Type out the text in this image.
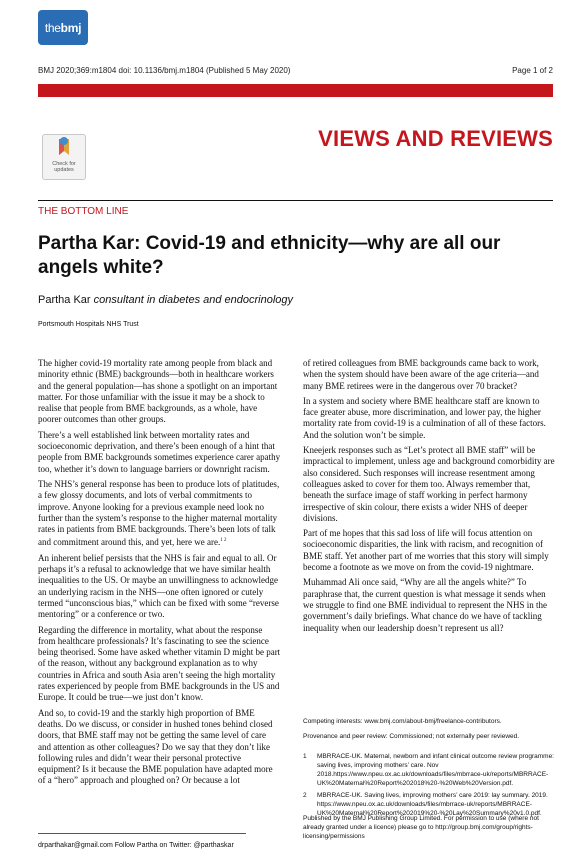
the bmj
BMJ 2020;369:m1804 doi: 10.1136/bmj.m1804 (Published 5 May 2020)	Page 1 of 2
Check for
updates
VIEWS AND REVIEWS
THE BOTTOM LINE
Partha Kar: Covid-19 and ethnicity—why are all our angels white?
Partha Kar consultant in diabetes and endocrinology
Portsmouth Hospitals NHS Trust

The higher covid-19 mortality rate among people from black and minority ethnic (BME) backgrounds—both in healthcare workers and the general population—has shone a spotlight on an important matter. For those unfamiliar with the issue it may be a shock to realise that people from BME backgrounds, as a whole, have poorer outcomes than other groups.

There’s a well established link between mortality rates and socioeconomic deprivation, and there’s been enough of a hint that people from BME backgrounds sometimes experience carer apathy too, whether it’s down to language barriers or downright racism.

The NHS’s general response has been to produce lots of platitudes, a few glossy documents, and lots of verbal commitments to improve. Anyone looking for a previous example need look no further than the system’s response to the higher maternal mortality rates in patients from BME backgrounds. There’s been lots of talk and commitment around this, and yet, here we are.$^{1 2}$

An inherent belief persists that the NHS is fair and equal to all. Or perhaps it’s a refusal to acknowledge that we have similar health inequalities to the US. Or maybe an unwillingness to acknowledge an underlying racism in the NHS—one often ignored or cutely termed “unconscious bias,” which can be fixed with some “reverse mentoring” or a conference or two.

Regarding the difference in mortality, what about the response from healthcare professionals? It’s fascinating to see the science being theorised. Some have asked whether vitamin D might be part of the reason, without any background explanation as to why countries in Africa and south Asia aren’t seeing the high mortality rates experienced by people from BME backgrounds in the US and Europe. It could be true—we just don’t know.

And so, to covid-19 and the starkly high proportion of BME deaths. Do we discuss, or consider in hushed tones behind closed doors, that BME staff may not be getting the same level of care and attention as other colleagues? Do we say that they don’t like following rules and didn’t wear their personal protective equipment? Is it because the BME population have adapted more of a “hero” approach and ploughed on? Or because a lot

of retired colleagues from BME backgrounds came back to work, when the system should have been aware of the age criteria—and many BME retirees were in the dangerous over 70 bracket?

In a system and society where BME healthcare staff are known to face greater abuse, more discrimination, and lower pay, the higher mortality rate from covid-19 is a culmination of all of these factors. And the solution won’t be simple.

Kneejerk responses such as “Let’s protect all BME staff” will be impractical to implement, unless age and background comorbidity are also considered. Such responses will increase resentment among colleagues asked to cover for them too. Always remember that, beneath the surface image of staff working in perfect harmony irrespective of skin colour, there exists a wider NHS of deeper divisions.

Part of me hopes that this sad loss of life will focus attention on socioeconomic disparities, the link with racism, and recognition of BME staff. Yet another part of me worries that this story will simply become a footnote as we move on from the covid-19 nightmare.

Muhammad Ali once said, “Why are all the angels white?” To paraphrase that, the current question is what message it sends when we struggle to find one BME individual to represent the NHS in the government’s daily briefings. What chance do we have of tackling inequality when our leadership doesn’t represent us all?

Competing interests: www.bmj.com/about-bmj/freelance-contributors.
Provenance and peer review: Commissioned; not externally peer reviewed.
1	MBRRACE-UK. Maternal, newborn and infant clinical outcome review programme: saving lives, improving mothers’ care. Nov 2018.https://www.npeu.ox.ac.uk/downloads/files/mbrrace-uk/reports/MBRRACE-UK%20Maternal%20Report%202018%20-%20Web%20Version.pdf.
2	MBRRACE-UK. Saving lives, improving mothers’ care 2019: lay summary. 2019. https://www.npeu.ox.ac.uk/downloads/files/mbrrace-uk/reports/MBRRACE-UK%20Maternal%20Report%202019%20-%20Lay%20Summary%20v1.0.pdf.
Published by the BMJ Publishing Group Limited. For permission to use (where not already granted under a licence) please go to http://group.bmj.com/group/rights-licensing/permissions
drparthakar@gmail.com Follow Partha on Twitter: @parthaskar
